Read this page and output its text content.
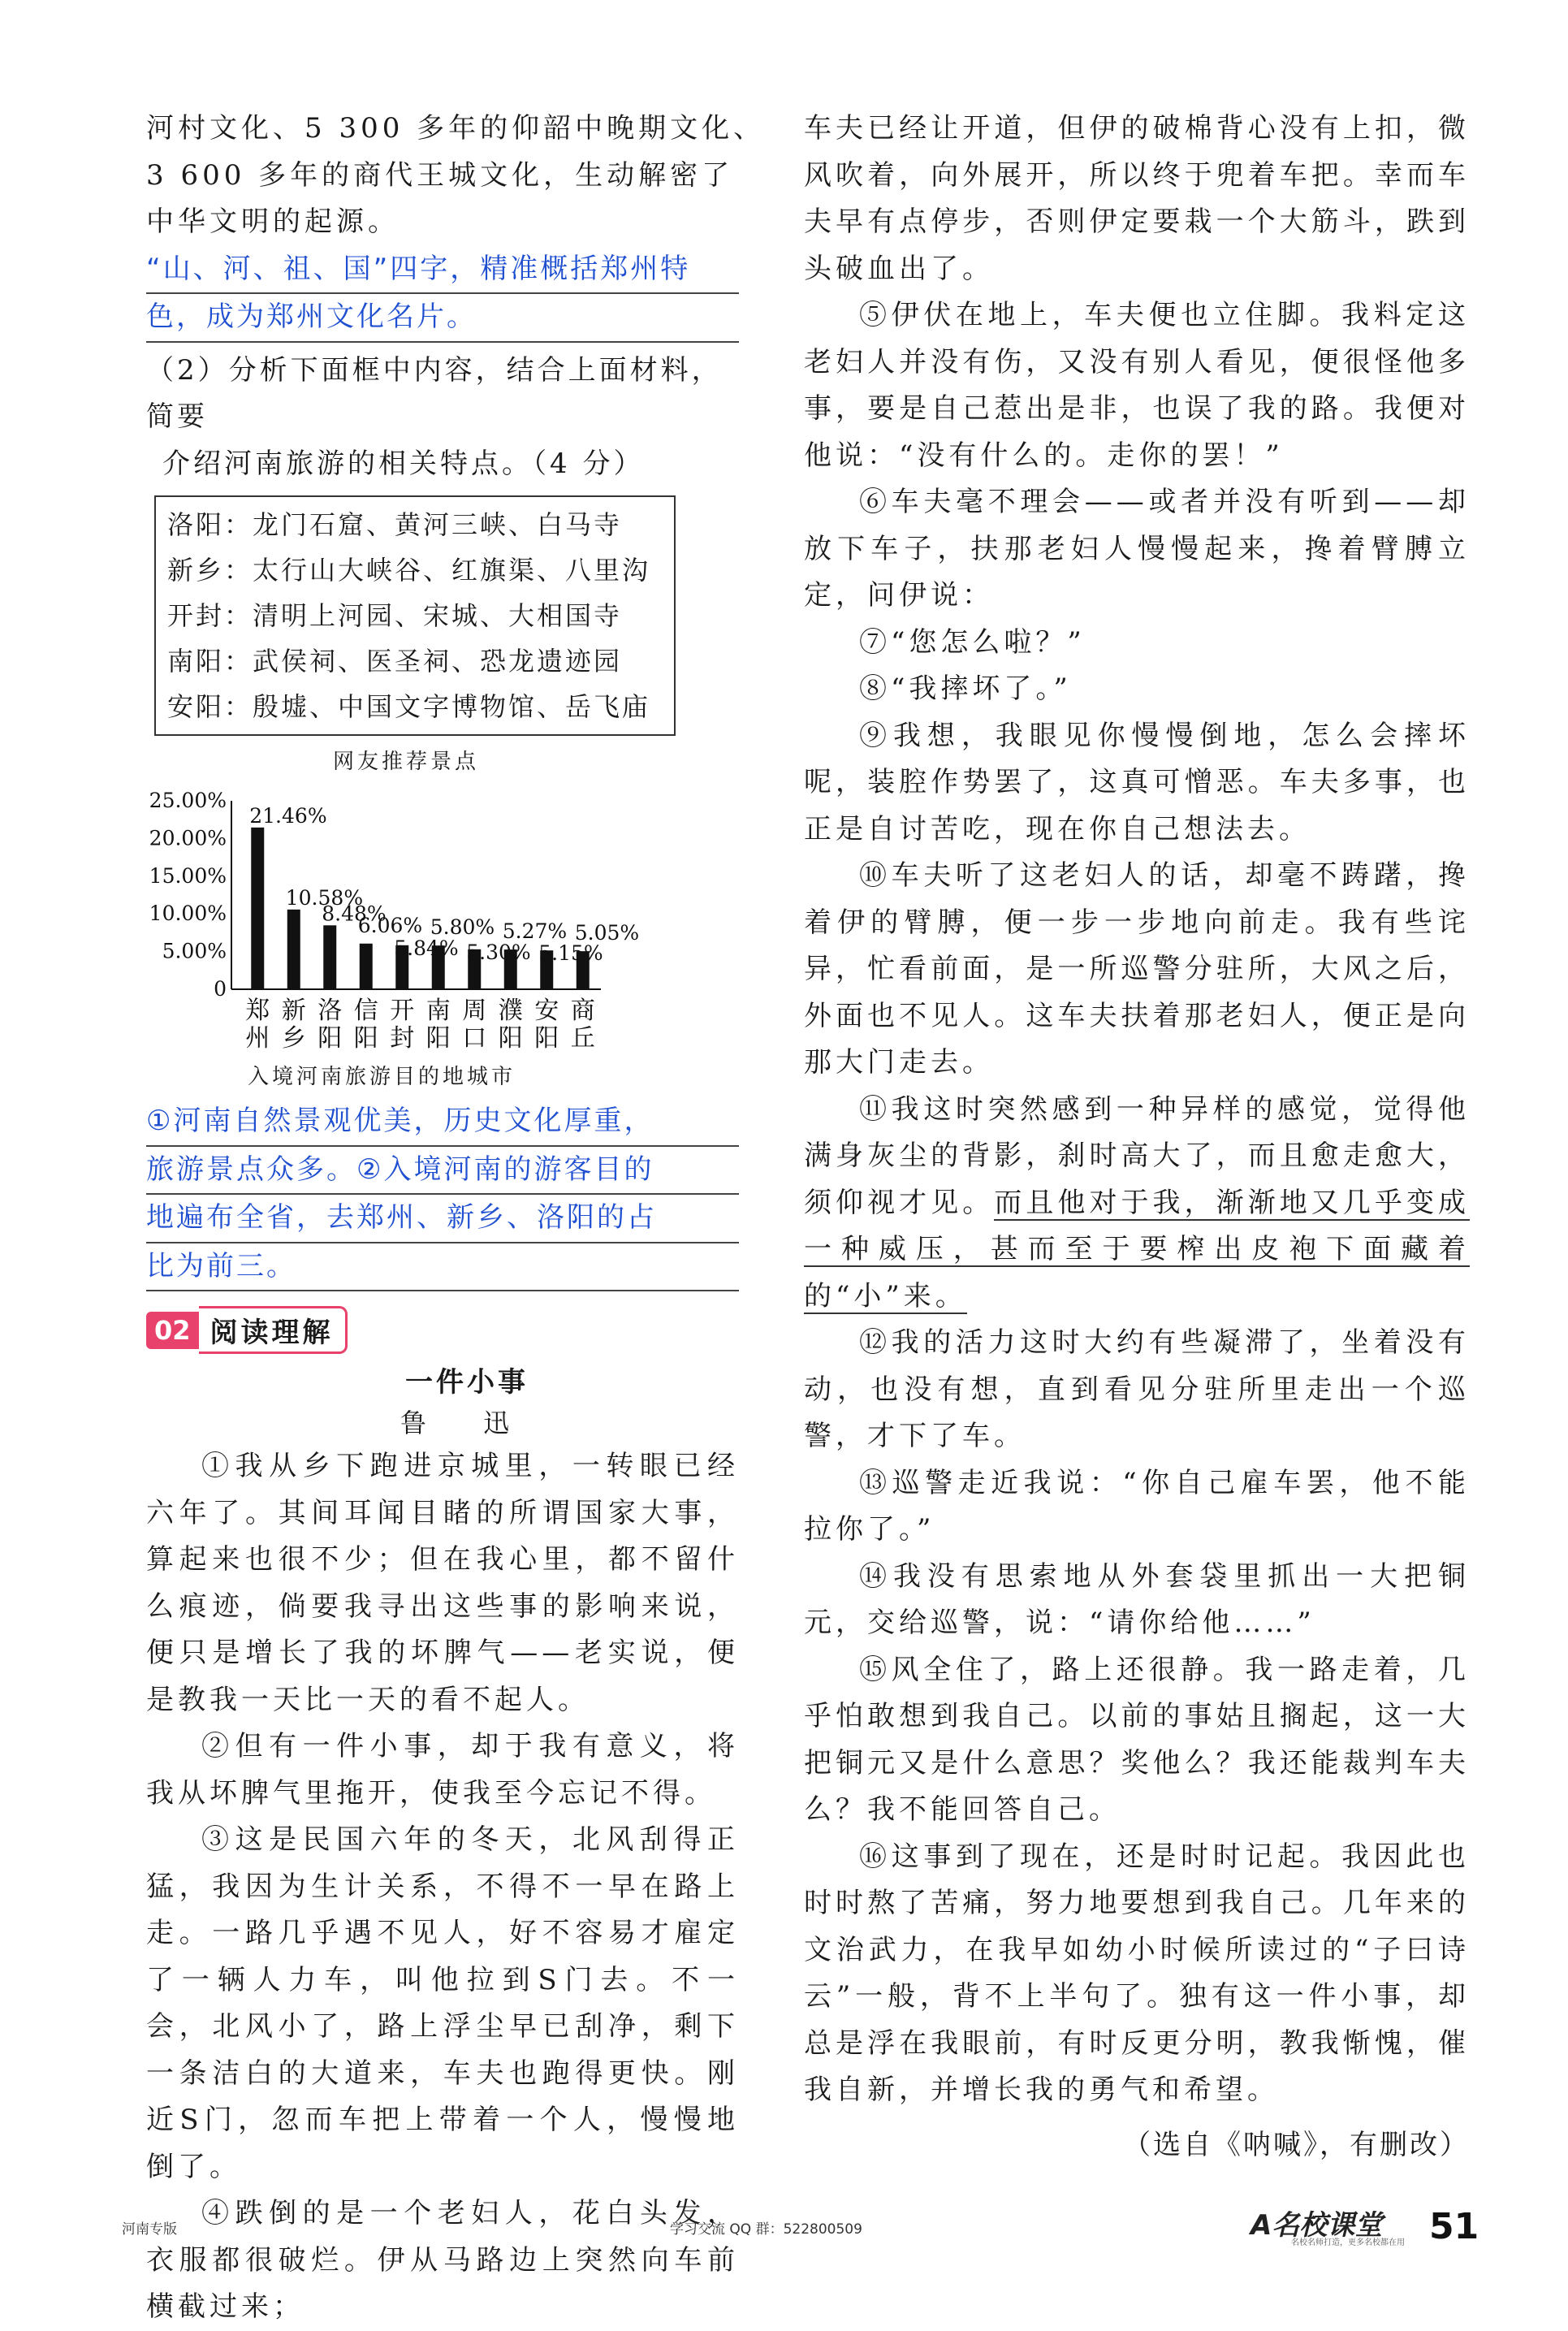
河村文化、5 300 多年的仰韶中晚期文化、
3 600 多年的商代王城文化，生动解密了
中华文明的起源。
“山、河、祖、国”四字，精准概括郑州特
色，成为郑州文化名片。
（2）分析下面框中内容，结合上面材料，简要
介绍河南旅游的相关特点。（4 分）
洛阳：龙门石窟、黄河三峡、白马寺
新乡：太行山大峡谷、红旗渠、八里沟
开封：清明上河园、宋城、大相国寺
南阳：武侯祠、医圣祠、恐龙遗迹园
安阳：殷墟、中国文字博物馆、岳飞庙
网友推荐景点
0
5.00%
10.00%
15.00%
20.00%
25.00%
21.46%
10.58%
8.48%
6.06%
5.84%
5.80%
5.30%
5.27%
5.15%
5.05%
郑
州
新
乡
洛
阳
信
阳
开
封
南
阳
周
口
濮
阳
安
阳
商
丘
入境河南旅游目的地城市
①河南自然景观优美，历史文化厚重，
旅游景点众多。②入境河南的游客目的
地遍布全省，去郑州、新乡、洛阳的占
比为前三。
02 阅读理解
一件小事
鲁 迅
①我从乡下跑进京城里，一转眼已经六年了。其间耳闻目睹的所谓国家大事，算起来也很不少；但在我心里，都不留什么痕迹，倘要我寻出这些事的影响来说，便只是增长了我的坏脾气——老实说，便是教我一天比一天的看不起人。
②但有一件小事，却于我有意义，将我从坏脾气里拖开，使我至今忘记不得。
③这是民国六年的冬天，北风刮得正猛，我因为生计关系，不得不一早在路上走。一路几乎遇不见人，好不容易才雇定了一辆人力车，叫他拉到S门去。不一会，北风小了，路上浮尘早已刮净，剩下一条洁白的大道来，车夫也跑得更快。刚近S门，忽而车把上带着一个人，慢慢地倒了。
④跌倒的是一个老妇人，花白头发，衣服都很破烂。伊从马路边上突然向车前横截过来；
车夫已经让开道，但伊的破棉背心没有上扣，微风吹着，向外展开，所以终于兜着车把。幸而车夫早有点停步，否则伊定要栽一个大筋斗，跌到头破血出了。
⑤伊伏在地上，车夫便也立住脚。我料定这老妇人并没有伤，又没有别人看见，便很怪他多事，要是自己惹出是非，也误了我的路。我便对他说：“没有什么的。走你的罢！”
⑥车夫毫不理会——或者并没有听到——却放下车子，扶那老妇人慢慢起来，搀着臂膊立定，问伊说：
⑦“您怎么啦？”
⑧“我摔坏了。”
⑨我想，我眼见你慢慢倒地，怎么会摔坏呢，装腔作势罢了，这真可憎恶。车夫多事，也正是自讨苦吃，现在你自己想法去。
⑩车夫听了这老妇人的话，却毫不踌躇，搀着伊的臂膊，便一步一步地向前走。我有些诧异，忙看前面，是一所巡警分驻所，大风之后，外面也不见人。这车夫扶着那老妇人，便正是向那大门走去。
⑪我这时突然感到一种异样的感觉，觉得他满身灰尘的背影，刹时高大了，而且愈走愈大，须仰视才见。而且他对于我，渐渐地又几乎变成一种威压，甚而至于要榨出皮袍下面藏着的“小”来。
⑫我的活力这时大约有些凝滞了，坐着没有动，也没有想，直到看见分驻所里走出一个巡警，才下了车。
⑬巡警走近我说：“你自己雇车罢，他不能拉你了。”
⑭我没有思索地从外套袋里抓出一大把铜元，交给巡警，说：“请你给他……”
⑮风全住了，路上还很静。我一路走着，几乎怕敢想到我自己。以前的事姑且搁起，这一大把铜元又是什么意思？奖他么？我还能裁判车夫么？我不能回答自己。
⑯这事到了现在，还是时时记起。我因此也时时熬了苦痛，努力地要想到我自己。几年来的文治武力，在我早如幼小时候所读过的“子曰诗云”一般，背不上半句了。独有这一件小事，却总是浮在我眼前，有时反更分明，教我惭愧，催我自新，并增长我的勇气和希望。
（选自《呐喊》，有删改）
河南专版	学习交流 QQ 群：522800509	A名校课堂
名校名师打造，更多名校都在用 51
